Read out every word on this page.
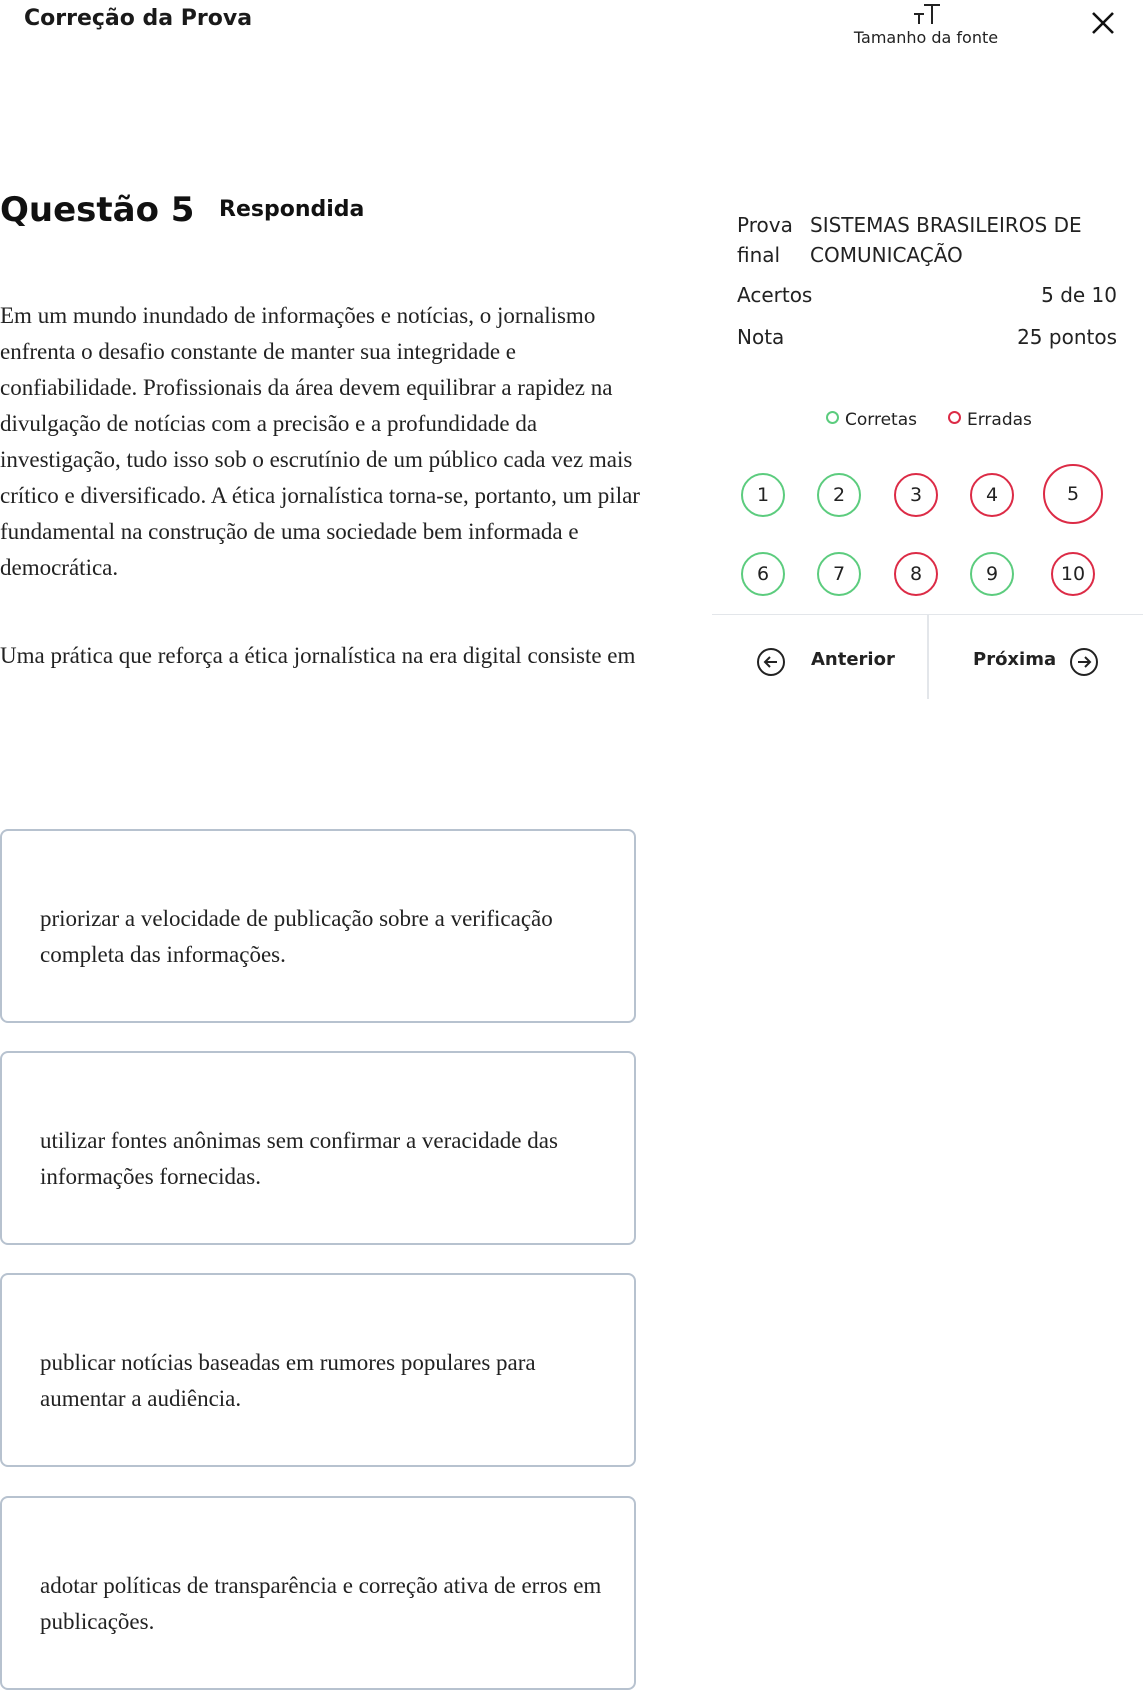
Correção da Prova
Tamanho da fonte
Questão 5 Respondida

Em um mundo inundado de informações e notícias, o jornalismo enfrenta o desafio constante de manter sua integridade e confiabilidade. Profissionais da área devem equilibrar a rapidez na divulgação de notícias com a precisão e a profundidade da investigação, tudo isso sob o escrutínio de um público cada vez mais crítico e diversificado. A ética jornalística torna-se, portanto, um pilar fundamental na construção de uma sociedade bem informada e democrática.

Uma prática que reforça a ética jornalística na era digital consiste em

priorizar a velocidade de publicação sobre a verificação completa das informações.
utilizar fontes anônimas sem confirmar a veracidade das informações fornecidas.
publicar notícias baseadas em rumores populares para aumentar a audiência.
adotar políticas de transparência e correção ativa de erros em publicações.
Prova final
SISTEMAS BRASILEIROS DE COMUNICAÇÃO
Acertos	5 de 10
Nota	25 pontos
Corretas	Erradas
1	2	3	4	5
6	7	8	9	10
Anterior	Próxima
